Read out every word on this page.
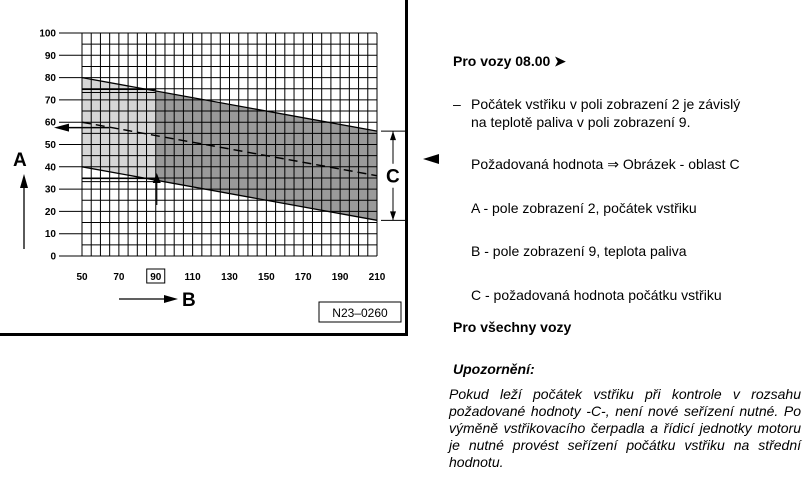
0
10
20
30
40
50
60
70
80
90
100
50	70	90 110 130 150 170 190 210
A
B
C
N23–0260
Pro vozy 08.00 ➤
– Počátek vstřiku v poli zobrazení 2 je závislý
na teplotě paliva v poli zobrazení 9.
Požadovaná hodnota ⇒ Obrázek - oblast C
A - pole zobrazení 2, počátek vstřiku
B - pole zobrazení 9, teplota paliva
C - požadovaná hodnota počátku vstřiku
Pro všechny vozy
Upozornění:
Pokud leží počátek vstřiku při kontrole v rozsahu požadované hodnoty -C-, není nové seřízení nutné. Po výměně vstřikovacího čerpadla a řídicí jednotky motoru je nutné provést seřízení počátku vstřiku na střední hodnotu.
